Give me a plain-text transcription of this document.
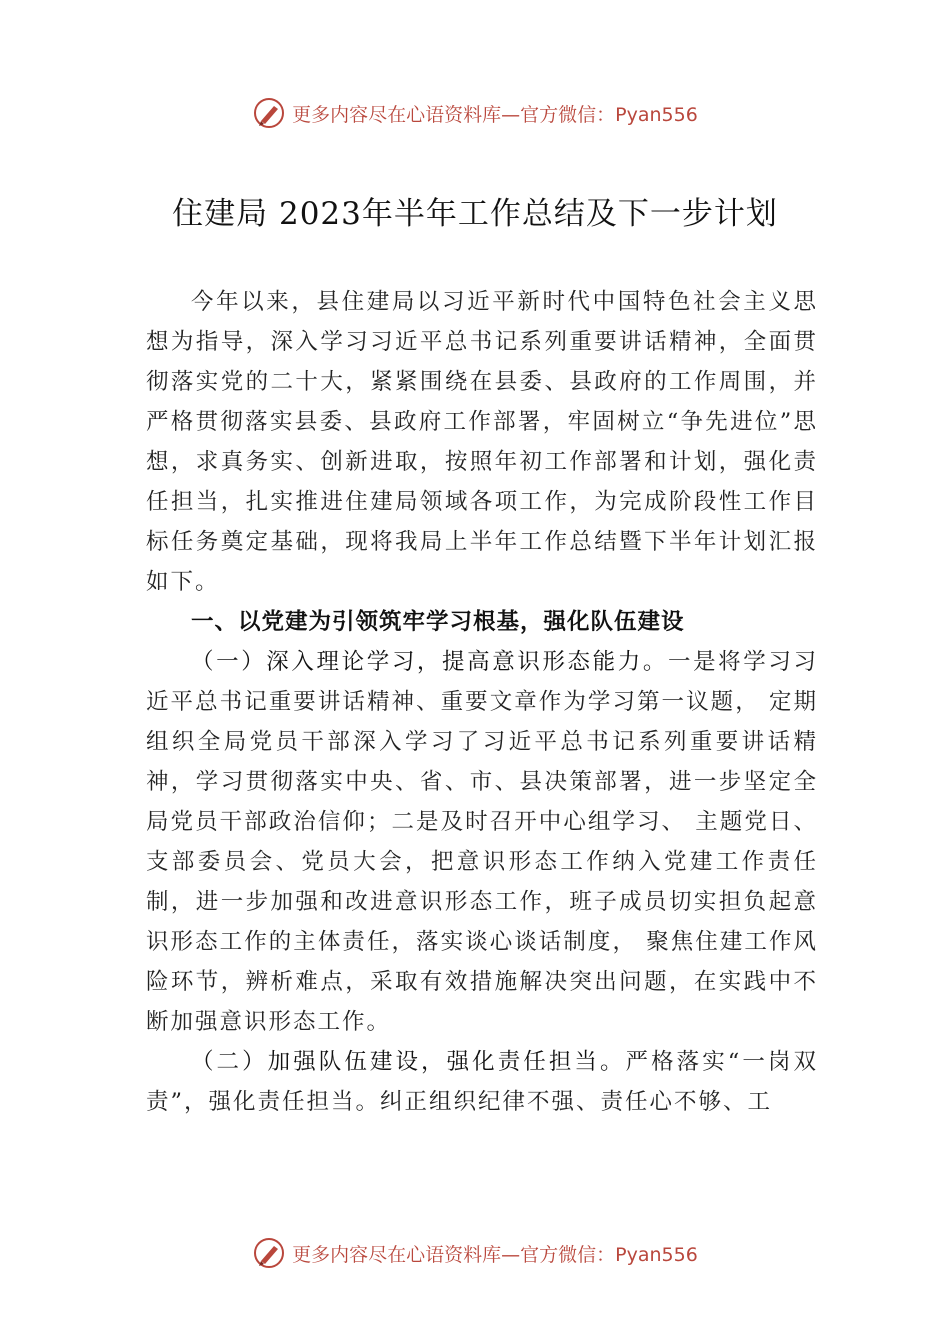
更多内容尽在心语资料库—官方微信：Pyan556
住建局 2023年半年工作总结及下一步计划

今年以来，县住建局以习近平新时代中国特色社会主义思想为指导，深入学习习近平总书记系列重要讲话精神，全面贯彻落实党的二十大，紧紧围绕在县委、县政府的工作周围，并严格贯彻落实县委、县政府工作部署，牢固树立“争先进位”思想，求真务实、创新进取，按照年初工作部署和计划，强化责任担当，扎实推进住建局领域各项工作，为完成阶段性工作目标任务奠定基础，现将我局上半年工作总结暨下半年计划汇报如下。

一、以党建为引领筑牢学习根基，强化队伍建设

（一）深入理论学习，提高意识形态能力。一是将学习习近平总书记重要讲话精神、重要文章作为学习第一议题， 定期组织全局党员干部深入学习了习近平总书记系列重要讲话精神，学习贯彻落实中央、省、市、县决策部署，进一步坚定全局党员干部政治信仰；二是及时召开中心组学习、 主题党日、支部委员会、党员大会，把意识形态工作纳入党建工作责任制，进一步加强和改进意识形态工作，班子成员切实担负起意识形态工作的主体责任，落实谈心谈话制度， 聚焦住建工作风险环节，辨析难点，采取有效措施解决突出问题，在实践中不断加强意识形态工作。

（二）加强队伍建设，强化责任担当。严格落实“一岗双责”，强化责任担当。纠正组织纪律不强、责任心不够、工

更多内容尽在心语资料库—官方微信：Pyan556
